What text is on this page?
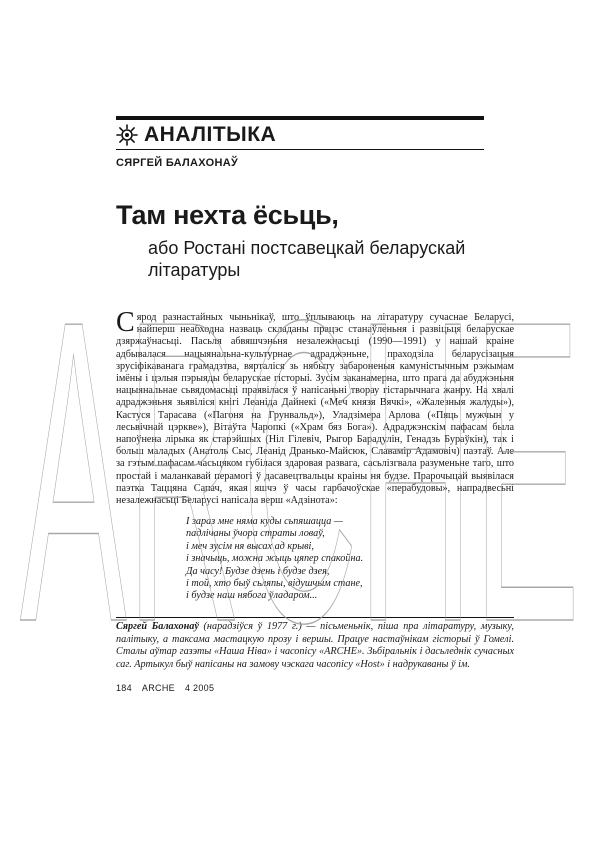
АНАЛІТЫКА
СЯРГЕЙ БАЛАХОНАЎ
Там нехта ёсьць,
або Ростані постсавецкай беларускай літаратуры

Сярод разнастайных чыньнікаў, што ўплываюць на літаратуру сучаснае Беларусі, найперш неабходна назваць складаны працэс станаўленьня і развіцьця беларускае дзяржаўнасьці. Пасьля абвяшчэньня незалежнасьці (1990—1991) у нашай краіне адбывалася нацыянальна-культурнае адраджэньне, праходзіла беларусізацыя зрусіфікаванага грамадзтва, вярталіся зь нябыту забароненыя камуністычным рэжымам імёны і цэлыя пэрыяды беларускае гісторыі. Зусім заканамерна, што прага да абуджэньня нацыянальнае сьвядомасьці праявілася ў напісаньні творау гістарычнага жанру. На хвалі адраджэньня зьявіліся кнігі Леаніда Дайнекі («Меч князя Вячкі», «Жалезныя жалуды»), Кастуся Тарасава («Пагоня на Грунвальд»), Уладзімера Арлова («Пяць мужчын у лесьвічнай цэркве»), Вітаўта Чаропкі («Храм бяз Бога»). Адраджэнскім пафасам была напоўнена лірыка як старэйшых (Ніл Гілевіч, Рыгор Барадулін, Генадзь Бураўкін), так і больш маладых (Анатоль Сыс, Леанід Дранько-Майсюк, Славамір Адамовіч) паэтаў. Але за гэтым пафасам часьцяком губілася здаровая развага, сасьлізгвала разуменьне таго, што простай і маланкавай перамогі ў дасавецтвальцы краіны ня будзе. Прарочыцай выявілася паэтка Таццяна Сапач, якая яшчэ ў часы гарбачоўскае «перабудовы», напрадвесьні незалежнасьці Беларусі напісала верш «Адзінота»:

І зараз мне няма куды сьпяшацца —
падлічаны ўчора страты ловаў,
і меч зусім ня высах ад крыві,
і значыць, можна жыць цяпер спакойна.
Да часу! Будзе дзень і будзе дзея,
і той, хто быў сьляпы, відушчым стане,
і будзе наш нябога ўладаром...
Сяргей Балахонаў (нарадзіўся ў 1977 г.) — пісьменьнік, піша пра літаратуру, музыку, палітыку, а таксама мастацкую прозу і вершы. Працуе настаўнікам гісторыі ў Гомелі. Сталы аўтар газэты «Наша Ніва» і часопісу «ARCHE». Зьбіральнік і дасьледнік сучасных саг. Артыкул быў напісаны на замову чэскага часопісу «Host» і надрукаваны ў ім.
184 ARCHE 4 2005
ARCHE
